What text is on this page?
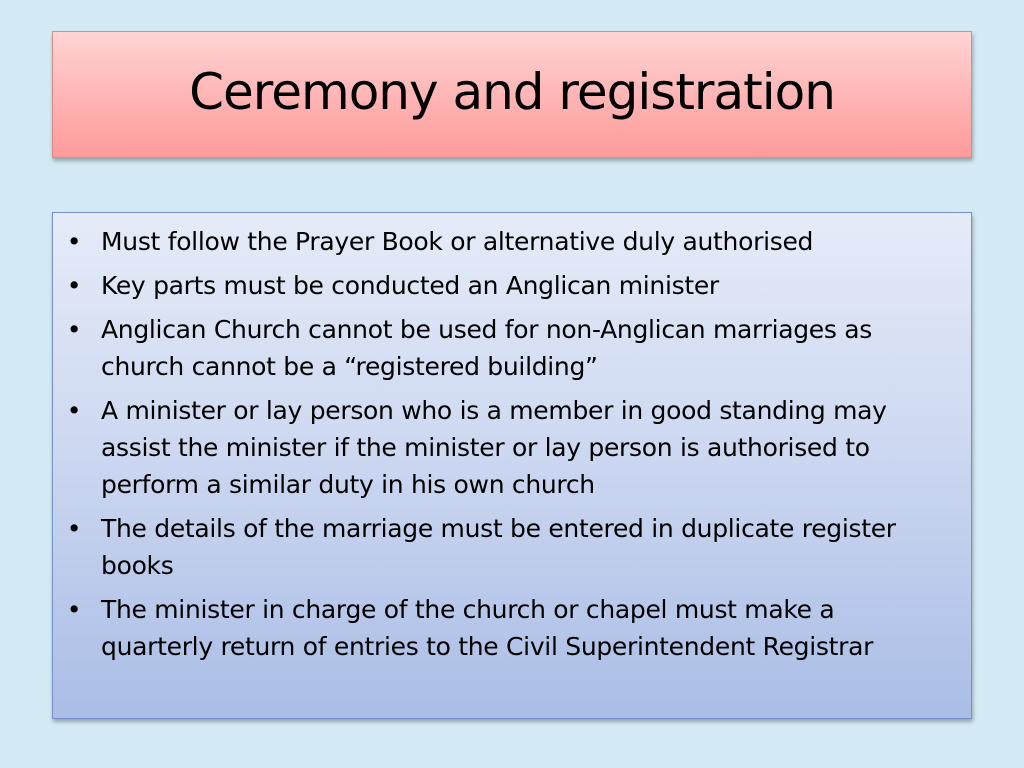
Ceremony and registration
• Must follow the Prayer Book or alternative duly authorised
• Key parts must be conducted an Anglican minister
• Anglican Church cannot be used for non-Anglican marriages as church cannot be a “registered building”
• A minister or lay person who is a member in good standing may assist the minister if the minister or lay person is authorised to perform a similar duty in his own church
• The details of the marriage must be entered in duplicate register books
• The minister in charge of the church or chapel must make a quarterly return of entries to the Civil Superintendent Registrar
